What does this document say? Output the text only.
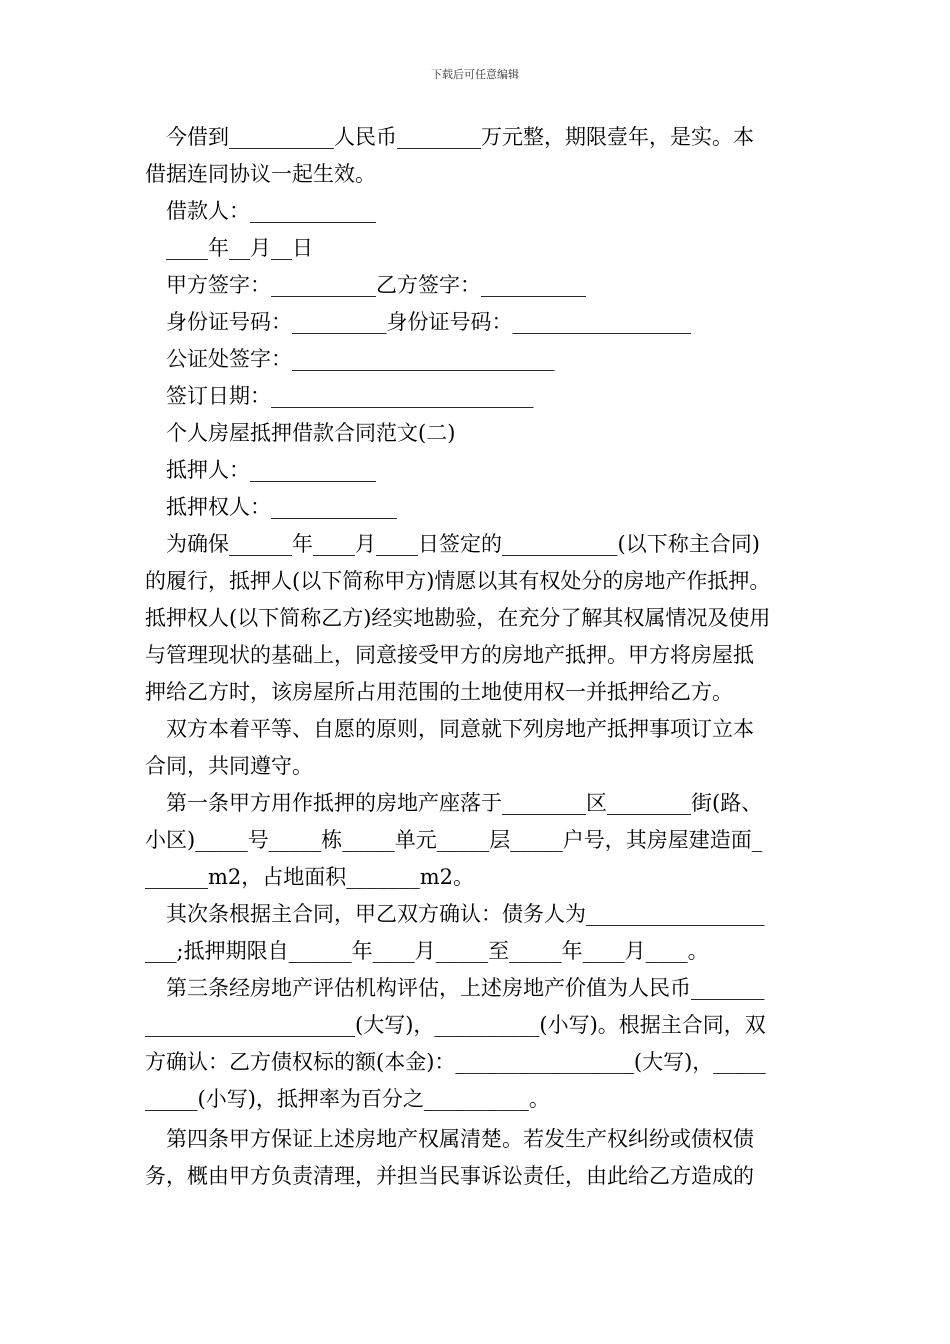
下载后可任意编辑
今借到__________人民币________万元整，期限壹年，是实。本
借据连同协议一起生效。
借款人：____________
____年__月__日
甲方签字：__________乙方签字：__________
身份证号码：_________身份证号码：_________________
公证处签字：_________________________
签订日期：_________________________
个人房屋抵押借款合同范文(二)
抵押人：____________
抵押权人：____________
为确保______年____月____日签定的___________(以下称主合同)
的履行，抵押人(以下简称甲方)情愿以其有权处分的房地产作抵押。
抵押权人(以下简称乙方)经实地勘验，在充分了解其权属情况及使用
与管理现状的基础上，同意接受甲方的房地产抵押。甲方将房屋抵
押给乙方时，该房屋所占用范围的土地使用权一并抵押给乙方。
双方本着平等、自愿的原则，同意就下列房地产抵押事项订立本
合同，共同遵守。
第一条甲方用作抵押的房地产座落于________区________街(路、
小区)_____号_____栋_____单元_____层_____户号，其房屋建造面_
______m2，占地面积_______m2。
其次条根据主合同，甲乙双方确认：债务人为_________________
___;抵押期限自______年____月_____至_____年____月____。
第三条经房地产评估机构评估，上述房地产价值为人民币_______
____________________(大写)，__________(小写)。根据主合同，双
方确认：乙方债权标的额(本金)：_________________(大写)，_____
_____(小写)，抵押率为百分之__________。
第四条甲方保证上述房地产权属清楚。若发生产权纠纷或债权债
务，概由甲方负责清理，并担当民事诉讼责任，由此给乙方造成的
